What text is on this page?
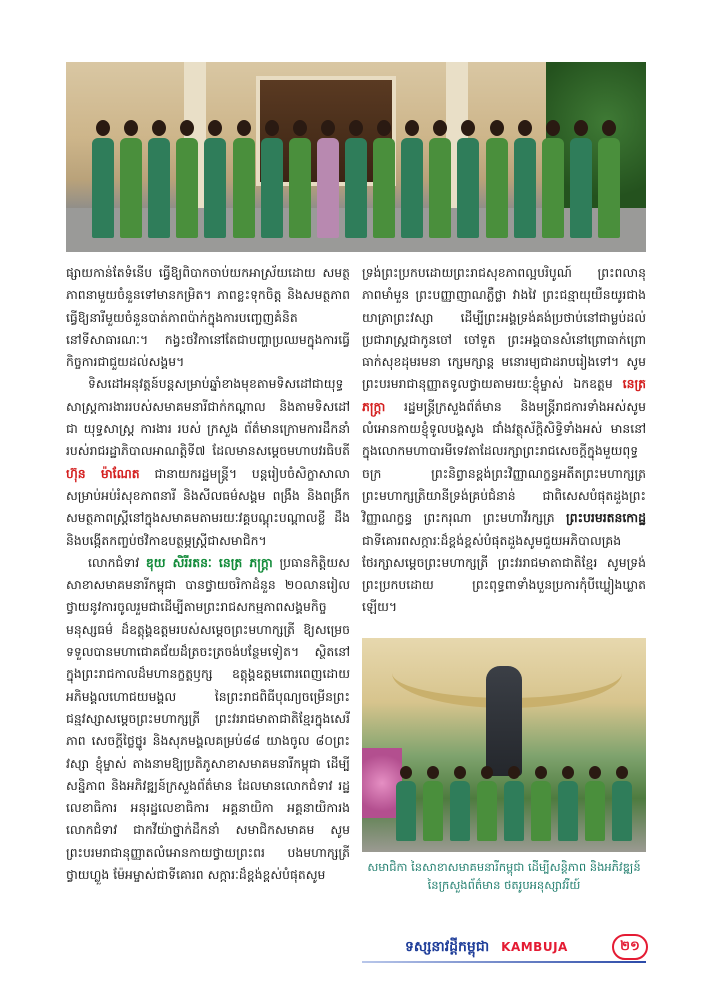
ផ្សាយកាន់តែទំនើប ធ្វើឱ្យពិបាកចាប់យកអាស្រ័យដោយ សមត្ថភាពនាមួយចំនួនទៅមានកម្រិត។ ភាពខ្លះទុកចិត្ត និងសមត្ថភាពធ្វើឱ្យនារីមួយចំនួនបាត់ភាពប៉ាក់ក្នុងការបញ្ចេញគំនិតនៅទីសាធារណៈ។ កង្វះថវិកានៅតែជាបញ្ហាប្រឈមក្នុងការធ្វើកិច្ចការជាជួយដល់សង្គម។

ទិសដៅអនុវត្តន៍បន្តសម្រាប់ឆ្នាំខាងមុខតាមទិសដៅជាយុទ្ធសាស្ត្រការងាររបស់សមាគមនារីជាក់កណ្ដាល និងតាមទិសដៅ ជា យុទ្ធសាស្ត្រ ការងារ របស់ ក្រសួង ព័ត៌មានក្រោមការដឹកនាំរបស់រាជរដ្ឋាភិបាលអាណត្តិទី៧ ដែលមានសម្ដេចមហាបវរធិបតី ហ៊ុន ម៉ាណែត ជានាយករដ្ឋមន្ត្រី។ បន្តរៀបចំសិក្ខាសាលាសម្រាប់អប់រំសុខភាពនារី និងសីលធម៌សង្គម ពង្រឹង និងពង្រីកសមត្ថភាពស្ត្រីនៅក្នុងសមាគមតាមរយៈវគ្គបណ្ដុះបណ្ដាលខ្លី ដឹង និងបង្កើតកញ្ចប់ថវិកាឧបត្ថម្ភស្ត្រីជាសមាជិក។

លោកជំទាវ ឌុយ សិរីរតនៈ នេត្រ ភក្ត្រា ប្រធានកិត្តិយសសាខាសមាគមនារីកម្ពុជា បានថ្វាយចរិកាដំនួន ២០លានរៀលថ្វាយនូវការចូលរួមជាដើម្បីតាមព្រះរាជសកម្មភាពសង្គមកិច្ចមនុស្សធម៌ ដ៏ឧត្តុង្គឧត្តមរបស់សម្ដេចព្រះមហាក្សត្រី ឱ្យសម្រេចទទួលបានមហាជោគជ័យដ៏ត្រចះត្រចង់បន្ថែមទៀត។ ស្ថិតនៅក្នុងព្រះរាជកាលដ៏មហានក្ខត្តឫក្ស ឧត្តុង្គឧត្តមពោរពេញដោយអភិមង្គលហោជយមង្គល នៃព្រះរាជពិធីបុណ្យចម្រើនព្រះជន្មវស្សាសម្ដេចព្រះមហាក្សត្រី ព្រះវររាជមាតាជាតិខ្មែរក្នុងសេរីភាព សេចក្ដីថ្លៃថ្នូរ និងសុភមង្គលគម្រប់៨៨ យាងចូល ៨០ព្រះវស្សា ខ្ញុំម្ចាស់ តាងនាមឱ្យប្រតិភូសាខាសមាគមនារីកម្ពុជា ដើម្បីសន្និភាព និងអភិវឌ្ឍន៍ក្រសួងព័ត៌មាន ដែលមានលោកជំទាវ រដ្ឋលេខាធិការ អនុរដ្ឋលេខាធិការ អគ្គនាយិកា អគ្គនាយិការង លោកជំទាវ ជាកវីយ៉ាថ្នាក់ដឹកនាំ សមាជិកសមាគម សូមព្រះបរមរាជានុញ្ញាតលំអោនកាយថ្វាយព្រះពរ បងមហាក្សត្រីថ្វាយហ្លួង ម៉ែអម្ចាស់ជាទីគោរព សក្ការៈដ៏ខ្ពង់ខ្ពស់បំផុតសូម

ទ្រង់ព្រះប្រកបដោយព្រះរាជសុខភាពល្អបរិបូណ៍ ព្រះពលានុភាពមាំមួន ព្រះបញ្ញាញាណភ្លឺថ្លា វាងវៃ ព្រះជន្មាយុយឺនយូរជាងយាត្រាព្រះវស្សា ដើម្បីព្រះអង្គទ្រង់គង់ប្រថាប់នៅជាម្លប់ដល់ប្រជារាស្ត្រជាកូនចៅ ចៅទួត ព្រះអង្គបានសំនៅព្រោធាក់ព្រោធាក់សុខដុមរមនា ក្សេមក្សាន្ត មនោរម្យជាដរាបរៀងទៅ។ សូមព្រះបរមរាជានុញ្ញាតទូលថ្វាយតាមរយៈខ្ញុំម្ចាស់ ឯកឧត្តម នេត្រ ភក្ត្រា រដ្ឋមន្ត្រីក្រសួងព័ត៌មាន និងមន្ត្រីរាជការទាំងអស់សូមលំអោនកាយខ្ញុំទូលបង្គសូង ជាំងវត្ថុស័ក្តិសិទ្ធិទាំងអស់ មាននៅក្នុងលោកមហាបារមីទេវតាដែលរក្សាព្រះរាជសេចក្តីក្នុងមួយពុទ្ធចក្រ ព្រះនិព្វានខ្ពង់ព្រះវិញ្ញាណក្ខន្ធអតីតព្រះមហាក្សត្រព្រះមហាក្សត្រិយានីទ្រង់គ្រប់ជំនាន់ ជាពិសេសបំផុតដួងព្រះវិញ្ញាណក្ខន្ធ ព្រះករុណា ព្រះមហាវីរក្សត្រ ព្រះបរមរតនកោដ្ឋ ជាទីគោរពសក្ការៈដ៏ខ្ពង់ខ្ពស់បំផុតដួងសូមជួយអភិបាលគ្រងថែរក្សាសម្ដេចព្រះមហាក្សត្រី ព្រះវររាជមាតាជាតិខ្មែរ សូមទ្រង់ព្រះប្រកបដោយ ព្រះពុទ្ធពាទាំងបួនប្រការកុំបីឃ្លៀងឃ្លាតឡើយ។

សមាជិកា នៃសាខាសមាគមនារីកម្ពុជា ដើម្បីសន្តិភាព និងអភិវឌ្ឍន៍ នៃក្រសួងព័ត៌មាន ថតរូបអនុស្សាវរីយ៍
ទស្សនាវដ្តីកម្ពុជា KAMBUJA	២១
